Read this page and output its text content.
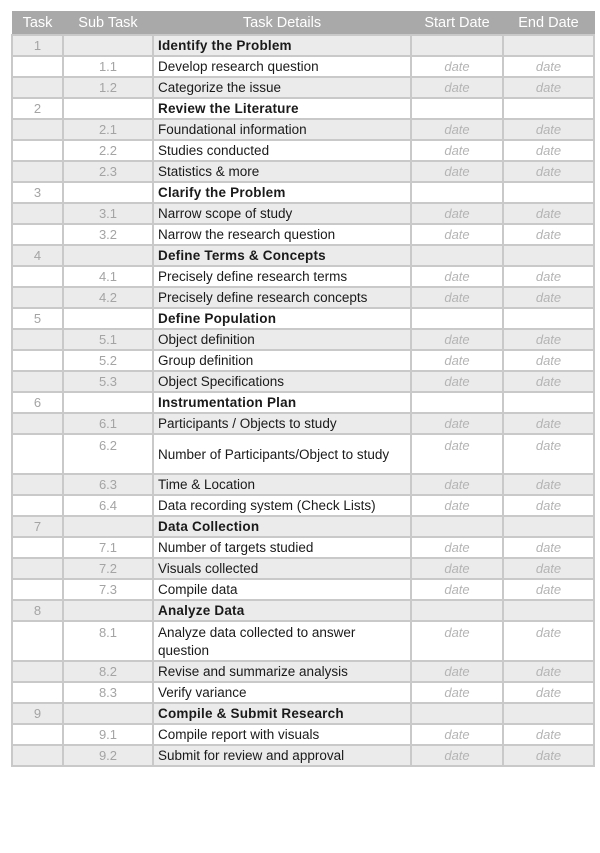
Task	Sub Task	Task Details	Start Date	End Date
1		Identify the Problem		
	1.1	Develop research question	date	date
	1.2	Categorize the issue	date	date
2		Review the Literature		
	2.1	Foundational information	date	date
	2.2	Studies conducted	date	date
	2.3	Statistics & more	date	date
3		Clarify the Problem		
	3.1	Narrow scope of study	date	date
	3.2	Narrow the research question	date	date
4		Define Terms & Concepts		
	4.1	Precisely define research terms	date	date
	4.2	Precisely define research concepts	date	date
5		Define Population		
	5.1	Object definition	date	date
	5.2	Group definition	date	date
	5.3	Object Specifications	date	date
6		Instrumentation Plan		
	6.1	Participants / Objects to study	date	date
	6.2	Number of Participants/Object to study	date	date
	6.3	Time & Location	date	date
	6.4	Data recording system (Check Lists)	date	date
7		Data Collection		
	7.1	Number of targets studied	date	date
	7.2	Visuals collected	date	date
	7.3	Compile data	date	date
8		Analyze Data		
	8.1	Analyze data collected to answer question	date	date
	8.2	Revise and summarize analysis	date	date
	8.3	Verify variance	date	date
9		Compile & Submit Research		
	9.1	Compile report with visuals	date	date
	9.2	Submit for review and approval	date	date
